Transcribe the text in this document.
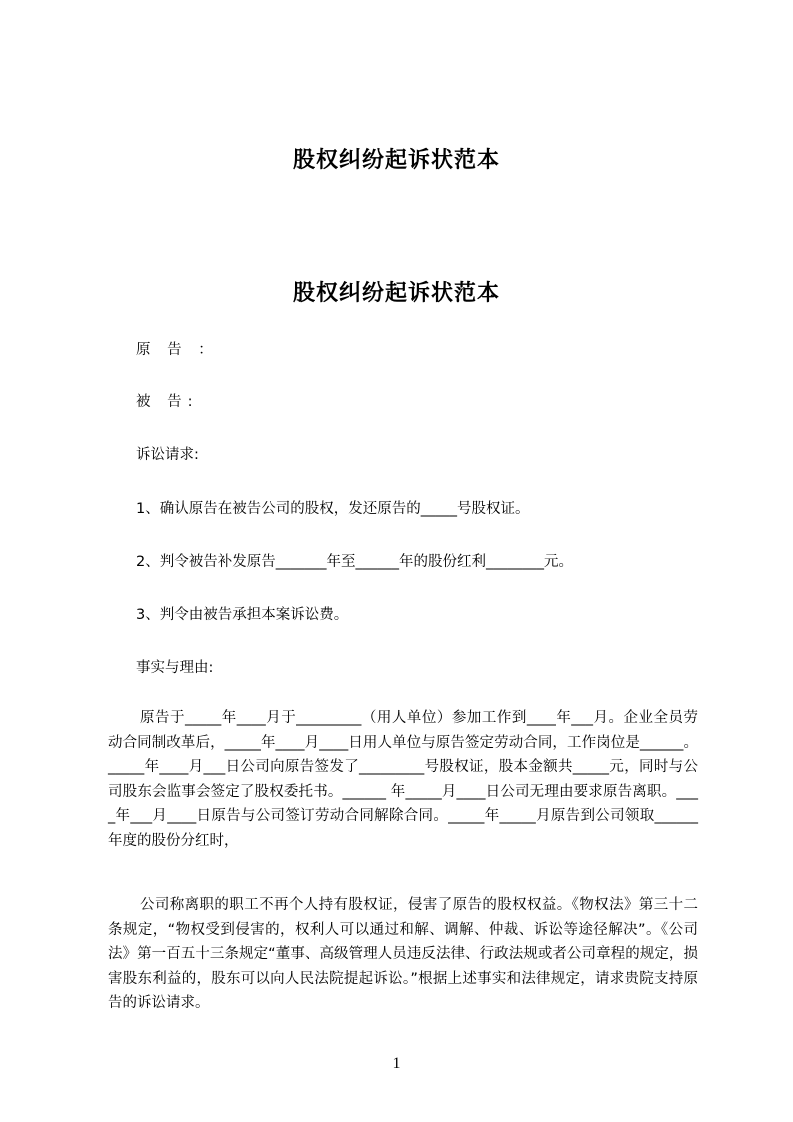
股权纠纷起诉状范本
股权纠纷起诉状范本
原 告 ：
被 告:
诉讼请求:
1、确认原告在被告公司的股权，发还原告的_____号股权证。
2、判令被告补发原告_______年至______年的股份红利________元。
3、判令由被告承担本案诉讼费。
事实与理由:
原告于_____年____月于_________（用人单位）参加工作到____年___月。企业全员劳动合同制改革后，_____年____月____日用人单位与原告签定劳动合同，工作岗位是______。_____年____月___日公司向原告签发了_________号股权证，股本金额共_____元，同时与公司股东会监事会签定了股权委托书。______ 年_____月____日公司无理由要求原告离职。____年___月____日原告与公司签订劳动合同解除合同。_____年_____月原告到公司领取______年度的股份分红时，
公司称离职的职工不再个人持有股权证，侵害了原告的股权权益。《物权法》第三十二条规定，“物权受到侵害的，权利人可以通过和解、调解、仲裁、诉讼等途径解决”。《公司法》第一百五十三条规定“董事、高级管理人员违反法律、行政法规或者公司章程的规定，损害股东利益的，股东可以向人民法院提起诉讼。”根据上述事实和法律规定，请求贵院支持原告的诉讼请求。
1
